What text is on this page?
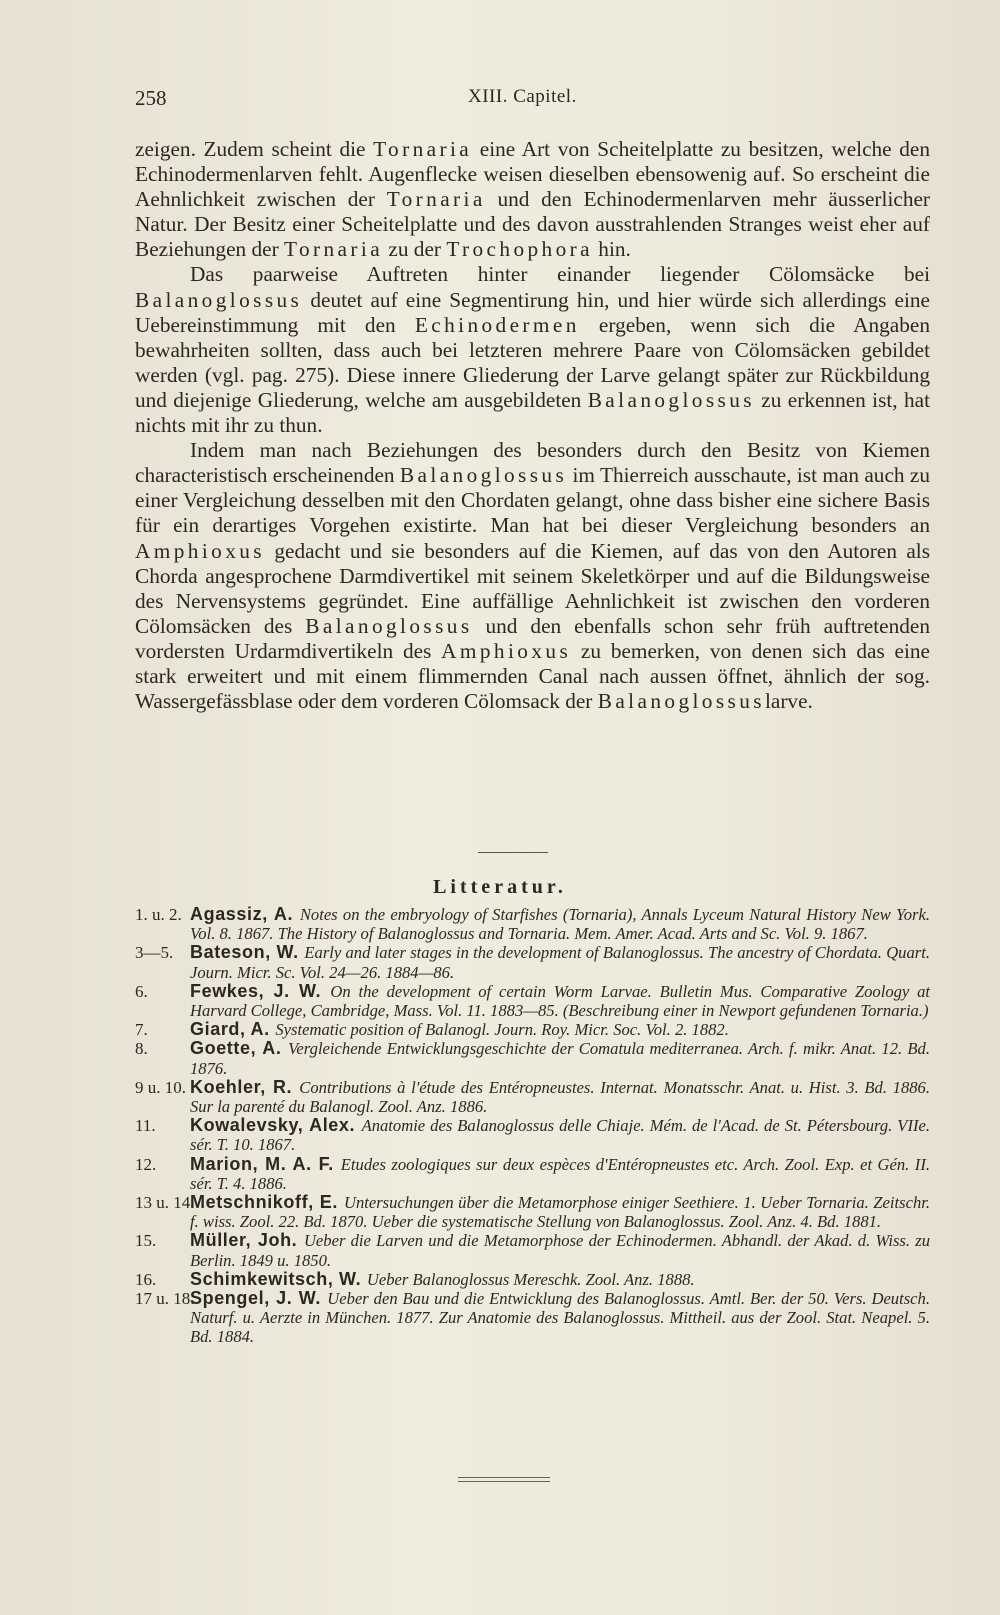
258	XIII. Capitel.

zeigen. Zudem scheint die Tornaria eine Art von Scheitelplatte zu besitzen, welche den Echinodermenlarven fehlt. Augenflecke weisen dieselben ebensowenig auf. So erscheint die Aehnlichkeit zwischen der Tornaria und den Echinodermenlarven mehr äusserlicher Natur. Der Besitz einer Scheitelplatte und des davon ausstrahlenden Stranges weist eher auf Beziehungen der Tornaria zu der Trochophora hin.

Das paarweise Auftreten hinter einander liegender Cölomsäcke bei Balanoglossus deutet auf eine Segmentirung hin, und hier würde sich allerdings eine Uebereinstimmung mit den Echinodermen ergeben, wenn sich die Angaben bewahrheiten sollten, dass auch bei letzteren mehrere Paare von Cölomsäcken gebildet werden (vgl. pag. 275). Diese innere Gliederung der Larve gelangt später zur Rückbildung und diejenige Gliederung, welche am ausgebildeten Balanoglossus zu erkennen ist, hat nichts mit ihr zu thun.

Indem man nach Beziehungen des besonders durch den Besitz von Kiemen characteristisch erscheinenden Balanoglossus im Thierreich ausschaute, ist man auch zu einer Vergleichung desselben mit den Chordaten gelangt, ohne dass bisher eine sichere Basis für ein derartiges Vorgehen existirte. Man hat bei dieser Vergleichung besonders an Amphioxus gedacht und sie besonders auf die Kiemen, auf das von den Autoren als Chorda angesprochene Darmdivertikel mit seinem Skeletkörper und auf die Bildungsweise des Nervensystems gegründet. Eine auffällige Aehnlichkeit ist zwischen den vorderen Cölomsäcken des Balanoglossus und den ebenfalls schon sehr früh auftretenden vordersten Urdarmdivertikeln des Amphioxus zu bemerken, von denen sich das eine stark erweitert und mit einem flimmernden Canal nach aussen öffnet, ähnlich der sog. Wassergefässblase oder dem vorderen Cölomsack der Balanoglossuslarve.

Litteratur.

1. u. 2. Agassiz, A. Notes on the embryology of Starfishes (Tornaria), Annals Lyceum Natural History New York. Vol. 8. 1867. The History of Balanoglossus and Tornaria. Mem. Amer. Acad. Arts and Sc. Vol. 9. 1867.

3—5. Bateson, W. Early and later stages in the development of Balanoglossus. The ancestry of Chordata. Quart. Journ. Micr. Sc. Vol. 24—26. 1884—86.

6. Fewkes, J. W. On the development of certain Worm Larvae. Bulletin Mus. Comparative Zoology at Harvard College, Cambridge, Mass. Vol. 11. 1883—85. (Beschreibung einer in Newport gefundenen Tornaria.)

7. Giard, A. Systematic position of Balanogl. Journ. Roy. Micr. Soc. Vol. 2. 1882.

8. Goette, A. Vergleichende Entwicklungsgeschichte der Comatula mediterranea. Arch. f. mikr. Anat. 12. Bd. 1876.

9 u. 10. Koehler, R. Contributions à l'étude des Entéropneustes. Internat. Monatsschr. Anat. u. Hist. 3. Bd. 1886. Sur la parenté du Balanogl. Zool. Anz. 1886.

11. Kowalevsky, Alex. Anatomie des Balanoglossus delle Chiaje. Mém. de l'Acad. de St. Pétersbourg. VIIe. sér. T. 10. 1867.

12. Marion, M. A. F. Etudes zoologiques sur deux espèces d'Entéropneustes etc. Arch. Zool. Exp. et Gén. II. sér. T. 4. 1886.

13 u. 14.
Metschnikoff, E. Untersuchungen über die Metamorphose einiger Seethiere. 1. Ueber Tornaria. Zeitschr. f. wiss. Zool. 22. Bd. 1870. Ueber die systematische Stellung von Balanoglossus. Zool. Anz. 4. Bd. 1881.

15. Müller, Joh. Ueber die Larven und die Metamorphose der Echinodermen. Abhandl. der Akad. d. Wiss. zu Berlin. 1849 u. 1850.

16. Schimkewitsch, W. Ueber Balanoglossus Mereschk. Zool. Anz. 1888.

17 u. 18.
Spengel, J. W. Ueber den Bau und die Entwicklung des Balanoglossus. Amtl. Ber. der 50. Vers. Deutsch. Naturf. u. Aerzte in München. 1877. Zur Anatomie des Balanoglossus. Mittheil. aus der Zool. Stat. Neapel. 5. Bd. 1884.
